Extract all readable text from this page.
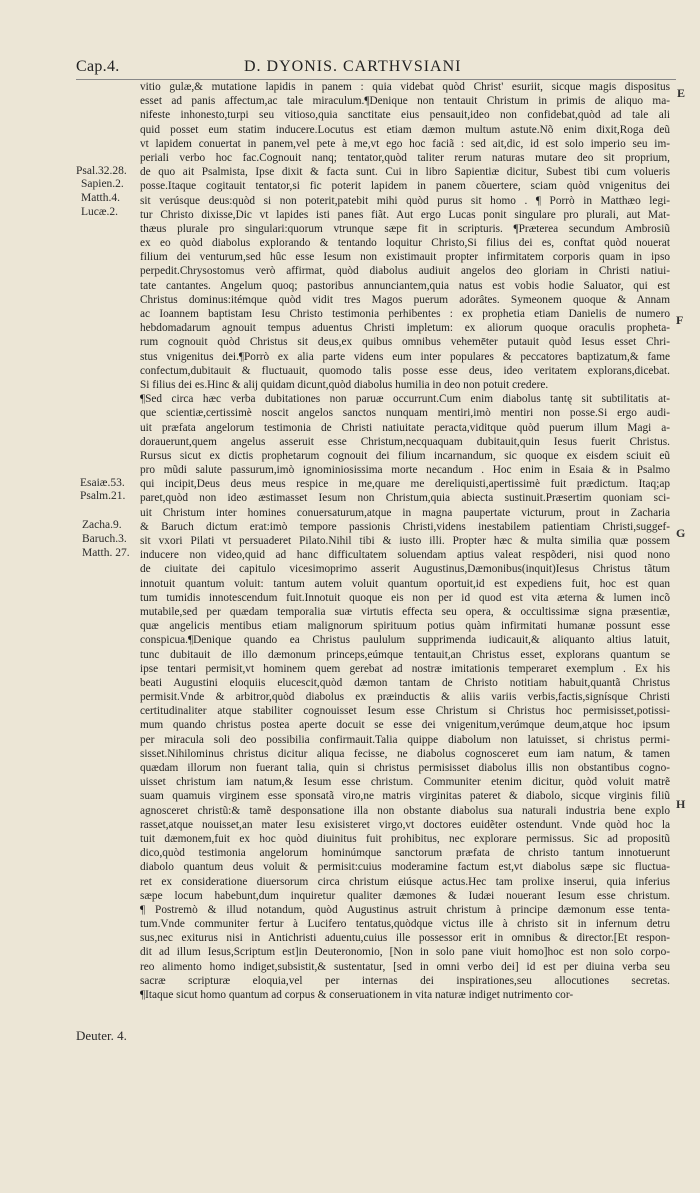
Cap.4.	D. DYONIS. CARTHVSIANI
Psal.32.28.
Sapien.2.
Matth.4.
Lucæ.2.
Esaiæ.53.
Psalm.21.
Zacha.9.
Baruch.3.
Matth. 27.
Deuter. 4.
E
F
G
H
vitio gulæ,& mutatione lapidis in panem : quia videbat quòd Christ' esuriit, sicque magis dispositus
esset ad panis affectum,ac tale miraculum.¶Denique non tentauit Christum in primis de aliquo ma-
nifeste inhonesto,turpi seu vitioso,quia sanctitate eius pensauit,ideo non confidebat,quòd ad tale ali
quid posset eum statim inducere.Locutus est etiam dæmon multum astute.Nõ enim dixit,Roga deũ
vt lapidem conuertat in panem,vel pete à me,vt ego hoc faciã : sed ait,dic, id est solo imperio seu im-
periali verbo hoc fac.Cognouit nanq; tentator,quòd taliter rerum naturas mutare deo sit proprium,
de quo ait Psalmista, Ipse dixit & facta sunt. Cui in libro Sapientiæ dicitur, Subest tibi cum volueris
posse.Itaque cogitauit tentator,si fic poterit lapidem in panem cõuertere, sciam quòd vnigenitus dei
sit verúsque deus:quòd si non poterit,patebit mihi quòd purus sit homo . ¶ Porrò in Matthæo legi-
tur Christo dixisse,Dic vt lapides isti panes fiãt. Aut ergo Lucas ponit singulare pro plurali, aut Mat-
thæus plurale pro singulari:quorum vtrunque sæpe fit in scripturis. ¶Præterea secundum Ambrosiũ
ex eo quòd diabolus explorando & tentando loquitur Christo,Si filius dei es, conftat quòd nouerat
filium dei venturum,sed hûc esse Iesum non existimauit propter infirmitatem corporis quam in ipso
perpedit.Chrysostomus verò affirmat, quòd diabolus audiuit angelos deo gloriam in Christi natiui-
tate cantantes. Angelum quoq; pastoribus annunciantem,quia natus est vobis hodie Saluator, qui est
Christus dominus:itémque quòd vidit tres Magos puerum adorâtes. Symeonem quoque & Annam
ac Ioannem baptistam Iesu Christo testimonia perhibentes : ex prophetia etiam Danielis de numero
hebdomadarum agnouit tempus aduentus Christi impletum: ex aliorum quoque oraculis propheta-
rum cognouit quòd Christus sit deus,ex quibus omnibus vehemēter putauit quòd Iesus esset Chri-
stus vnigenitus dei.¶Porrò ex alia parte videns eum inter populares & peccatores baptizatum,& fame
confectum,dubitauit & fluctuauit, quomodo talis posse esse deus, ideo veritatem explorans,dicebat.
Si filius dei es.Hinc & alij quidam dicunt,quòd diabolus humilia in deo non potuit credere.
¶Sed circa hæc verba dubitationes non paruæ occurrunt.Cum enim diabolus tantę sit subtilitatis at-
que scientiæ,certissimè noscit angelos sanctos nunquam mentiri,imò mentiri non posse.Si ergo audi-
uit præfata angelorum testimonia de Christi natiuitate peracta,viditque quòd puerum illum Magi a-
dorauerunt,quem angelus asseruit esse Christum,necquaquam dubitauit,quin Iesus fuerit Christus.
Rursus sicut ex dictis prophetarum cognouit dei filium incarnandum, sic quoque ex eisdem sciuit eũ
pro mũdi salute passurum,imò ignominiosissima morte necandum . Hoc enim in Esaia & in Psalmo
qui incipit,Deus deus meus respice in me,quare me dereliquisti,apertissimè fuit prædictum. Itaq;ap
paret,quòd non ideo æstimasset Iesum non Christum,quia abiecta sustinuit.Præsertim quoniam sci-
uit Christum inter homines conuersaturum,atque in magna paupertate victurum, prout in Zacharia
& Baruch dictum erat:imò tempore passionis Christi,videns inestabilem patientiam Christi,suggef-
sit vxori Pilati vt persuaderet Pilato.Nihil tibi & iusto illi. Propter hæc & multa similia quæ possem
inducere non video,quid ad hanc difficultatem soluendam aptius valeat respõderi, nisi quod nono
de ciuitate dei capitulo vicesimoprimo asserit Augustinus,Dæmonibus(inquit)Iesus Christus tãtum
innotuit quantum voluit: tantum autem voluit quantum oportuit,id est expediens fuit, hoc est quan
tum tumidis innotescendum fuit.Innotuit quoque eis non per id quod est vita æterna & lumen incõ
mutabile,sed per quædam temporalia suæ virtutis effecta seu opera, & occultissimæ signa præsentiæ,
quæ angelicis mentibus etiam malignorum spirituum potius quàm infirmitati humanæ possunt esse
conspicua.¶Denique quando ea Christus paululum supprimenda iudicauit,& aliquanto altius latuit,
tunc dubitauit de illo dæmonum princeps,eúmque tentauit,an Christus esset, explorans quantum se
ipse tentari permisit,vt hominem quem gerebat ad nostræ imitationis temperaret exemplum . Ex his
beati Augustini eloquiis elucescit,quòd dæmon tantam de Christo notitiam habuit,quantã Christus
permisit.Vnde & arbitror,quòd diabolus ex præinductis & aliis variis verbis,factis,signísque Christi
certitudinaliter atque stabiliter cognouisset Iesum esse Christum si Christus hoc permisisset,potissi-
mum quando christus postea aperte docuit se esse dei vnigenitum,verúmque deum,atque hoc ipsum
per miracula soli deo possibilia confirmauit.Talia quippe diabolum non latuisset, si christus permi-
sisset.Nihilominus christus dicitur aliqua fecisse, ne diabolus cognosceret eum iam natum, & tamen
quædam illorum non fuerant talia, quin si christus permisisset diabolus illis non obstantibus cogno-
uisset christum iam natum,& Iesum esse christum. Communiter etenim dicitur, quòd voluit matrẽ
suam quamuis virginem esse sponsatã viro,ne matris virginitas pateret & diabolo, sicque virginis filiũ
agnosceret christũ:& tamẽ desponsatione illa non obstante diabolus sua naturali industria bene explo
rasset,atque nouisset,an mater Iesu exisisteret virgo,vt doctores euidẽter ostendunt. Vnde quòd hoc la
tuit dæmonem,fuit ex hoc quòd diuinitus fuit prohibitus, nec explorare permissus. Sic ad propositũ
dico,quòd testimonia angelorum hominúmque sanctorum præfata de christo tantum innotuerunt
diabolo quantum deus voluit & permisit:cuius moderamine factum est,vt diabolus sæpe sic fluctua-
ret ex consideratione diuersorum circa christum eiúsque actus.Hec tam prolixe inserui, quia inferius
sæpe locum habebunt,dum inquiretur qualiter dæmones & Iudæi nouerant Iesum esse christum.
¶ Postremò & illud notandum, quòd Augustinus astruit christum à principe dæmonum esse tenta-
tum.Vnde communiter fertur à Lucifero tentatus,quòdque victus ille à christo sit in infernum detru
sus,nec exiturus nisi in Antichristi aduentu,cuius ille possessor erit in omnibus & director.[Et respon-
dit ad illum Iesus,Scriptum est]in Deuteronomio, [Non in solo pane viuit homo]hoc est non solo corpo-
reo alimento homo indiget,subsistit,& sustentatur, [sed in omni verbo dei] id est per diuina verba seu
sacræ scripturæ eloquia,vel per internas dei inspirationes,seu allocutiones secretas.
¶Itaque sicut homo quantum ad corpus & conseruationem in vita naturæ indiget nutrimento cor-
